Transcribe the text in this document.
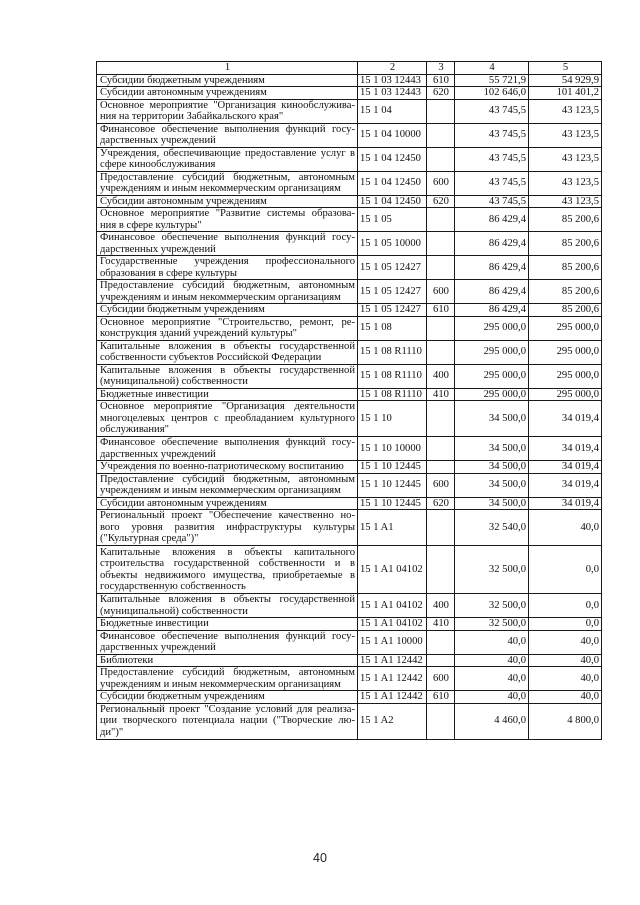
1	2	3	4	5
Субсидии бюджетным учреждениям	15 1 03 12443	610	55 721,9	54 929,9
Субсидии автономным учреждениям	15 1 03 12443	620	102 646,0	101 401,2
Основное мероприятие "Организация кинообслужива-ния на территории Забайкальского края"	15 1 04		43 745,5	43 123,5
Финансовое обеспечение выполнения функций госу-дарственных учреждений	15 1 04 10000		43 745,5	43 123,5
Учреждения, обеспечивающие предоставление услуг в сфере кинообслуживания	15 1 04 12450		43 745,5	43 123,5
Предоставление субсидий бюджетным, автономным учреждениям и иным некоммерческим организациям	15 1 04 12450	600	43 745,5	43 123,5
Субсидии автономным учреждениям	15 1 04 12450	620	43 745,5	43 123,5
Основное мероприятие "Развитие системы образова-ния в сфере культуры"	15 1 05		86 429,4	85 200,6
Финансовое обеспечение выполнения функций госу-дарственных учреждений	15 1 05 10000		86 429,4	85 200,6
Государственные учреждения профессионального образования в сфере культуры	15 1 05 12427		86 429,4	85 200,6
Предоставление субсидий бюджетным, автономным учреждениям и иным некоммерческим организациям	15 1 05 12427	600	86 429,4	85 200,6
Субсидии бюджетным учреждениям	15 1 05 12427	610	86 429,4	85 200,6
Основное мероприятие "Строительство, ремонт, ре-конструкция зданий учреждений культуры"	15 1 08		295 000,0	295 000,0
Капитальные вложения в объекты государственной собственности субъектов Российской Федерации	15 1 08 R1110		295 000,0	295 000,0
Капитальные вложения в объекты государственной (муниципальной) собственности	15 1 08 R1110	400	295 000,0	295 000,0
Бюджетные инвестиции	15 1 08 R1110	410	295 000,0	295 000,0
Основное мероприятие "Организация деятельности многоцелевых центров с преобладанием культурного обслуживания"	15 1 10		34 500,0	34 019,4
Финансовое обеспечение выполнения функций госу-дарственных учреждений	15 1 10 10000		34 500,0	34 019,4
Учреждения по военно-патриотическому воспитанию	15 1 10 12445		34 500,0	34 019,4
Предоставление субсидий бюджетным, автономным учреждениям и иным некоммерческим организациям	15 1 10 12445	600	34 500,0	34 019,4
Субсидии автономным учреждениям	15 1 10 12445	620	34 500,0	34 019,4
Региональный проект "Обеспечение качественно но-вого уровня развития инфраструктуры культуры ("Культурная среда")"	15 1 A1		32 540,0	40,0
Капитальные вложения в объекты капитального строительства государственной собственности и в объекты недвижимого имущества, приобретаемые в государственную собственность	15 1 A1 04102		32 500,0	0,0
Капитальные вложения в объекты государственной (муниципальной) собственности	15 1 A1 04102	400	32 500,0	0,0
Бюджетные инвестиции	15 1 A1 04102	410	32 500,0	0,0
Финансовое обеспечение выполнения функций госу-дарственных учреждений	15 1 A1 10000		40,0	40,0
Библиотеки	15 1 A1 12442		40,0	40,0
Предоставление субсидий бюджетным, автономным учреждениям и иным некоммерческим организациям	15 1 A1 12442	600	40,0	40,0
Субсидии бюджетным учреждениям	15 1 A1 12442	610	40,0	40,0
Региональный проект "Создание условий для реализа-ции творческого потенциала нации ("Творческие лю-ди")"	15 1 A2		4 460,0	4 800,0
40
